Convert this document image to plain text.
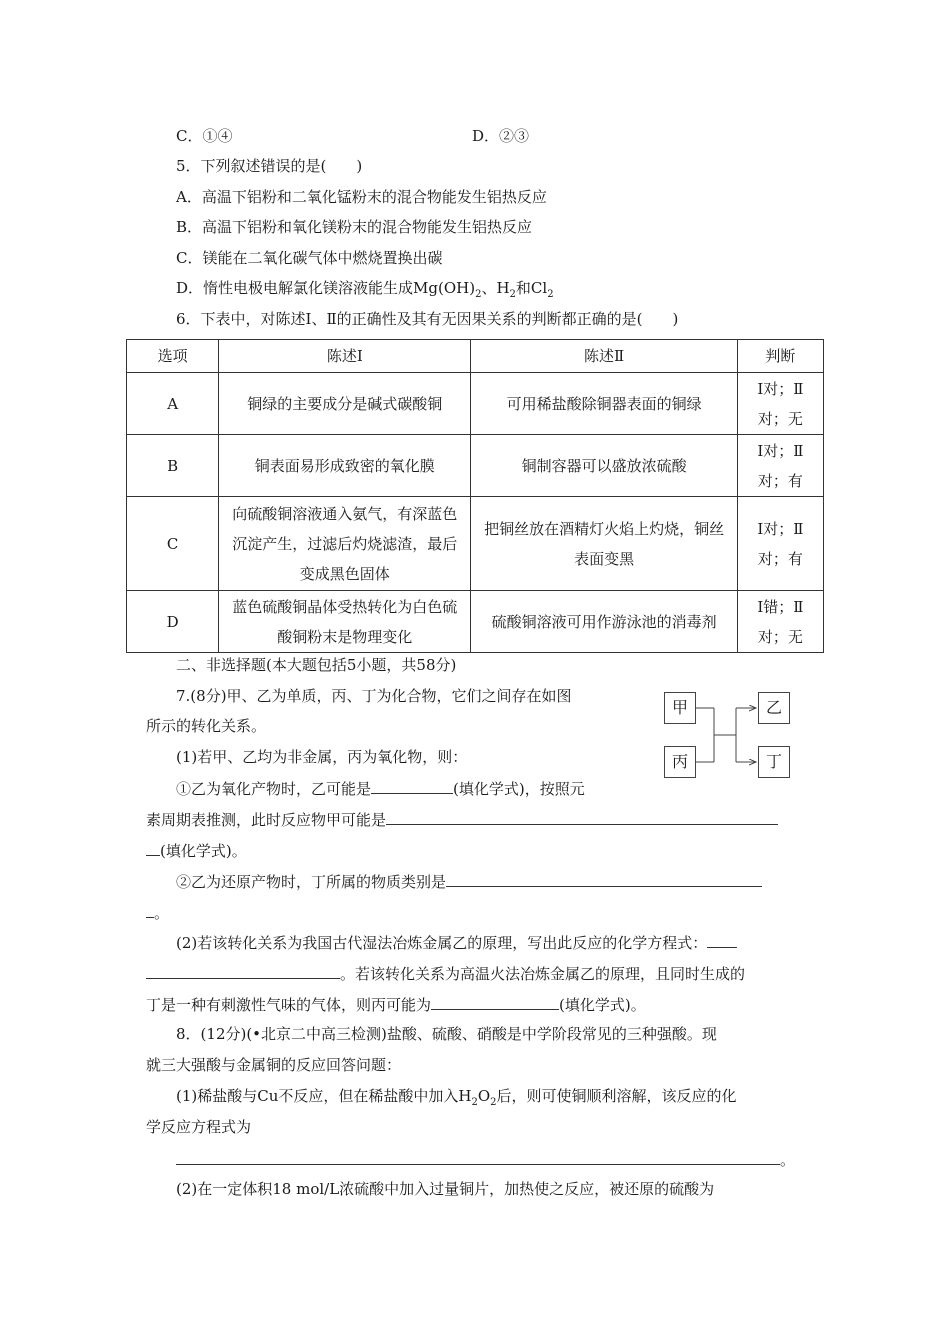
C．①④	D．②③
5．下列叙述错误的是(　　)
A．高温下铝粉和二氧化锰粉末的混合物能发生铝热反应
B．高温下铝粉和氧化镁粉末的混合物能发生铝热反应
C．镁能在二氧化碳气体中燃烧置换出碳
D．惰性电极电解氯化镁溶液能生成$Mg(OH)_2$、$H_2$和$Cl_2$
6．下表中，对陈述Ⅰ、Ⅱ的正确性及其有无因果关系的判断都正确的是(　　)
选项	陈述Ⅰ	陈述Ⅱ	判断
A	铜绿的主要成分是碱式碳酸铜	可用稀盐酸除铜器表面的铜绿	Ⅰ对；Ⅱ对；无
B	铜表面易形成致密的氧化膜	铜制容器可以盛放浓硫酸	Ⅰ对；Ⅱ对；有
C	向硫酸铜溶液通入氨气，有深蓝色沉淀产生，过滤后灼烧滤渣，最后变成黑色固体	把铜丝放在酒精灯火焰上灼烧，铜丝表面变黑	Ⅰ对；Ⅱ对；有
D	蓝色硫酸铜晶体受热转化为白色硫酸铜粉末是物理变化	硫酸铜溶液可用作游泳池的消毒剂	Ⅰ错；Ⅱ对；无
二、非选择题(本大题包括5小题，共58分)
7.(8分)甲、乙为单质，丙、丁为化合物，它们之间存在如图
所示的转化关系。
(1)若甲、乙均为非金属，丙为氧化物，则：
①乙为氧化产物时，乙可能是	(填化学式)，按照元
素周期表推测，此时反应物甲可能是
(填化学式)。
②乙为还原产物时，丁所属的物质类别是
。
(2)若该转化关系为我国古代湿法冶炼金属乙的原理，写出此反应的化学方程式：
。若该转化关系为高温火法冶炼金属乙的原理，且同时生成的
丁是一种有刺激性气味的气体，则丙可能为	(填化学式)。
甲
丙
乙
丁
8．(12分)(•北京二中高三检测)盐酸、硫酸、硝酸是中学阶段常见的三种强酸。现
就三大强酸与金属铜的反应回答问题：
(1)稀盐酸与Cu不反应，但在稀盐酸中加入$H_2O_2$后，则可使铜顺利溶解，该反应的化
学反应方程式为
。
(2)在一定体积18 mol/L浓硫酸中加入过量铜片，加热使之反应，被还原的硫酸为
